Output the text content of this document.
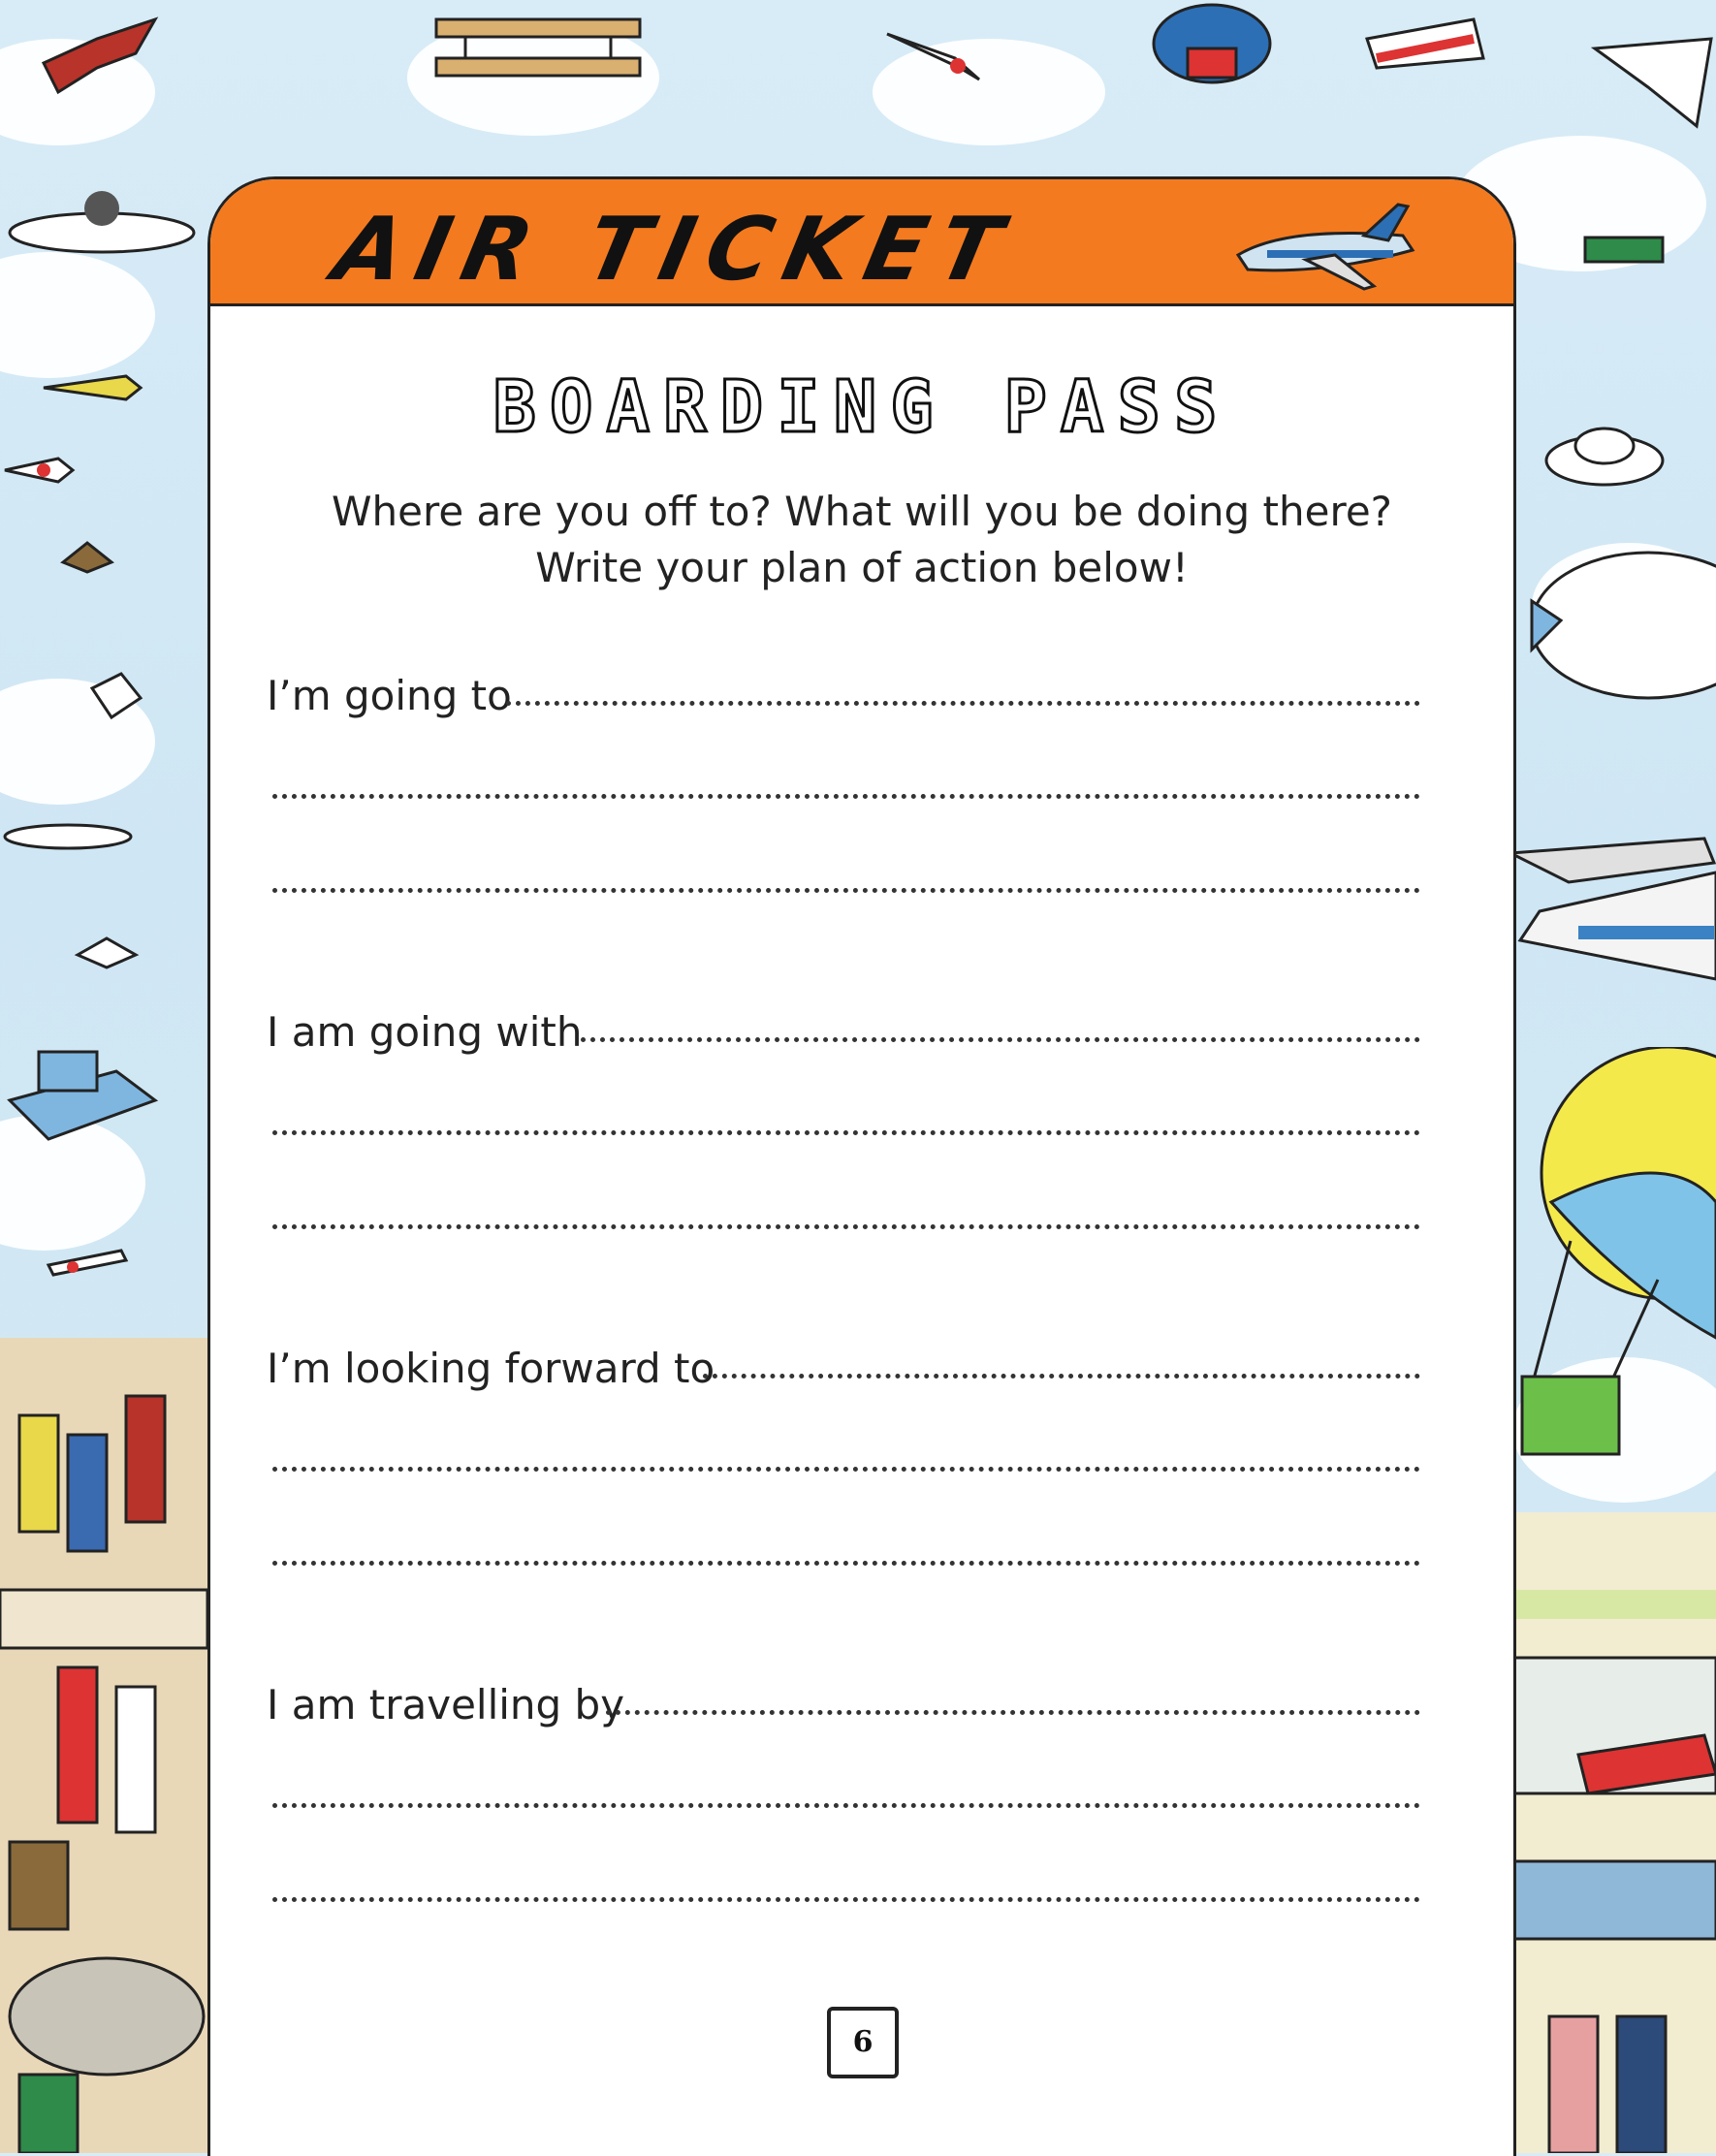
AIR TICKET
BOARDING PASS
Where are you off to? What will you be doing there?
Write your plan of action below!
I’m going to
I am going with
I’m looking forward to
I am travelling by
6
